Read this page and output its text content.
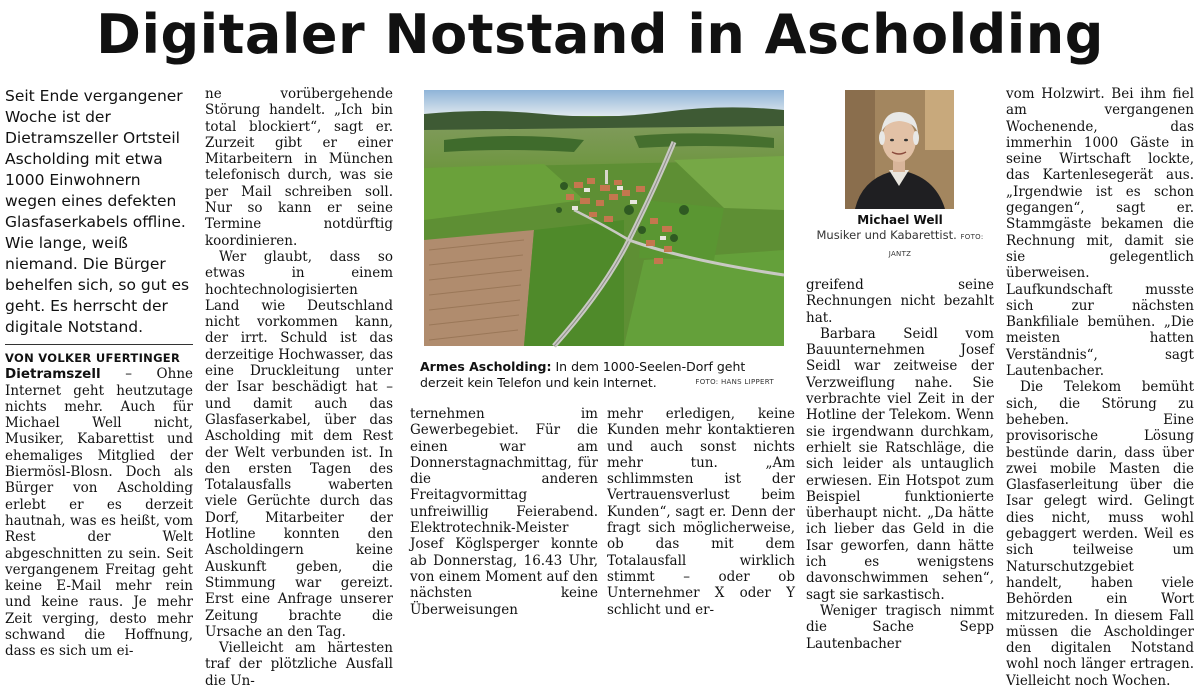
Digitaler Notstand in Ascholding

Seit Ende vergangener Woche ist der Dietramszeller Ortsteil Ascholding mit etwa 1000 Einwohnern wegen eines defekten Glasfaserkabels offline. Wie lange, weiß niemand. Die Bürger behelfen sich, so gut es geht. Es herrscht der digitale Notstand.

VON VOLKER UFERTINGER

Dietramszell – Ohne Internet geht heutzutage nichts mehr. Auch für Michael Well nicht, Musiker, Kabarettist und ehemaliges Mitglied der Biermösl-Blosn. Doch als Bürger von Ascholding erlebt er es derzeit hautnah, was es heißt, vom Rest der Welt abgeschnitten zu sein. Seit vergangenem Freitag geht keine E-Mail mehr rein und keine raus. Je mehr Zeit verging, desto mehr schwand die Hoffnung, dass es sich um ei-

ne vorübergehende Störung handelt. „Ich bin total blockiert“, sagt er. Zurzeit gibt er einer Mitarbeitern in München telefonisch durch, was sie per Mail schreiben soll. Nur so kann er seine Termine notdürftig koordinieren.

Wer glaubt, dass so etwas in einem hochtechnologisierten Land wie Deutschland nicht vorkommen kann, der irrt. Schuld ist das derzeitige Hochwasser, das eine Druckleitung unter der Isar beschädigt hat – und damit auch das Glasfaserkabel, über das Ascholding mit dem Rest der Welt verbunden ist. In den ersten Tagen des Totalausfalls waberten viele Gerüchte durch das Dorf, Mitarbeiter der Hotline konnten den Ascholdingern keine Auskunft geben, die Stimmung war gereizt. Erst eine Anfrage unserer Zeitung brachte die Ursache an den Tag.

Vielleicht am härtesten traf der plötzliche Ausfall die Un-

Armes Ascholding: In dem 1000-Seelen-Dorf geht derzeit kein Telefon und kein Internet.	FOTO: HANS LIPPERT

ternehmen im Gewerbegebiet. Für die einen war am Donnerstagnachmittag, für die anderen Freitagvormittag unfreiwillig Feierabend. Elektrotechnik-Meister Josef Köglsperger konnte ab Donnerstag, 16.43 Uhr, von einem Moment auf den nächsten keine Überweisungen

mehr erledigen, keine Kunden mehr kontaktieren und auch sonst nichts mehr tun. „Am schlimmsten ist der Vertrauensverlust beim Kunden“, sagt er. Denn der fragt sich möglicherweise, ob das mit dem Totalausfall wirklich stimmt – oder ob Unternehmer X oder Y schlicht und er-

Michael Well
Musiker und Kabarettist. FOTO: JANTZ

greifend seine Rechnungen nicht bezahlt hat.

Barbara Seidl vom Bauunternehmen Josef Seidl war zeitweise der Verzweiflung nahe. Sie verbrachte viel Zeit in der Hotline der Telekom. Wenn sie irgendwann durchkam, erhielt sie Ratschläge, die sich leider als untauglich erwiesen. Ein Hotspot zum Beispiel funktionierte überhaupt nicht. „Da hätte ich lieber das Geld in die Isar geworfen, dann hätte ich es wenigstens davonschwimmen sehen“, sagt sie sarkastisch.

Weniger tragisch nimmt die Sache Sepp Lautenbacher

vom Holzwirt. Bei ihm fiel am vergangenen Wochenende, das immerhin 1000 Gäste in seine Wirtschaft lockte, das Kartenlesegerät aus. „Irgendwie ist es schon gegangen“, sagt er. Stammgäste bekamen die Rechnung mit, damit sie sie gelegentlich überweisen. Laufkundschaft musste sich zur nächsten Bankfiliale bemühen. „Die meisten hatten Verständnis“, sagt Lautenbacher.

Die Telekom bemüht sich, die Störung zu beheben. Eine provisorische Lösung bestünde darin, dass über zwei mobile Masten die Glasfaserleitung über die Isar gelegt wird. Gelingt dies nicht, muss wohl gebaggert werden. Weil es sich teilweise um Naturschutzgebiet handelt, haben viele Behörden ein Wort mitzureden. In diesem Fall müssen die Ascholdinger den digitalen Notstand wohl noch länger ertragen. Vielleicht noch Wochen.
